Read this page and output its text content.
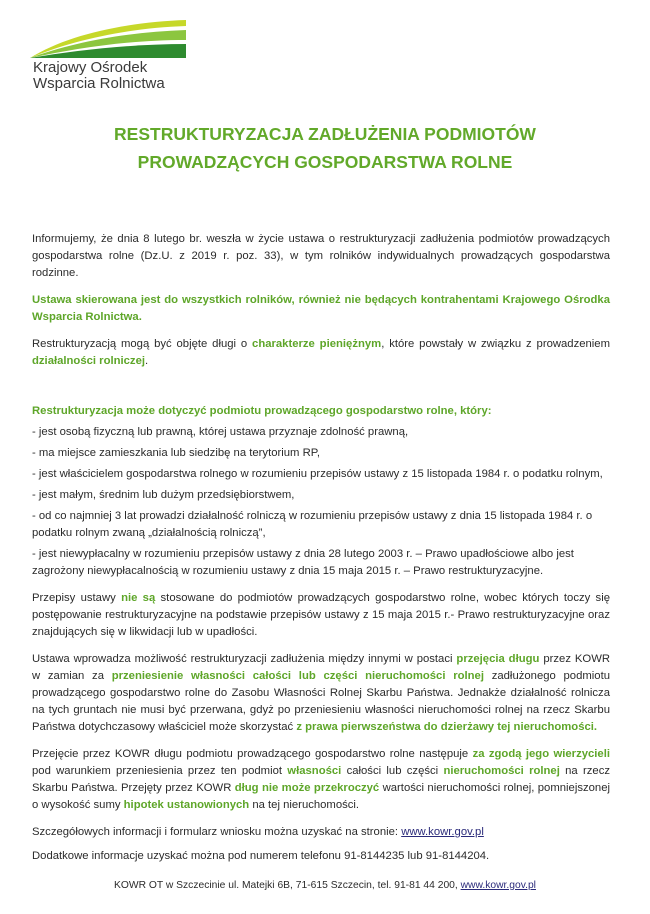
Krajowy Ośrodek
Wsparcia Rolnictwa
RESTRUKTURYZACJA ZADŁUŻENIA PODMIOTÓW
PROWADZĄCYCH GOSPODARSTWA ROLNE

Informujemy, że dnia 8 lutego br. weszła w życie ustawa o restrukturyzacji zadłużenia podmiotów prowadzących gospodarstwa rolne (Dz.U. z 2019 r. poz. 33), w tym rolników indywidualnych prowadzących gospodarstwa rodzinne.

Ustawa skierowana jest do wszystkich rolników, również nie będących kontrahentami Krajowego Ośrodka Wsparcia Rolnictwa.

Restrukturyzacją mogą być objęte długi o charakterze pieniężnym, które powstały w związku z prowadzeniem działalności rolniczej.

Restrukturyzacja może dotyczyć podmiotu prowadzącego gospodarstwo rolne, który:

- jest osobą fizyczną lub prawną, której ustawa przyznaje zdolność prawną,

- ma miejsce zamieszkania lub siedzibę na terytorium RP,

- jest właścicielem gospodarstwa rolnego w rozumieniu przepisów ustawy z 15 listopada 1984 r. o podatku rolnym,

- jest małym, średnim lub dużym przedsiębiorstwem,

- od co najmniej 3 lat prowadzi działalność rolniczą w rozumieniu przepisów ustawy z dnia 15 listopada 1984 r. o podatku rolnym zwaną „działalnością rolniczą”,

- jest niewypłacalny w rozumieniu przepisów ustawy z dnia 28 lutego 2003 r. – Prawo upadłościowe albo jest zagrożony niewypłacalnością w rozumieniu ustawy z dnia 15 maja 2015 r. – Prawo restrukturyzacyjne.

Przepisy ustawy nie są stosowane do podmiotów prowadzących gospodarstwo rolne, wobec których toczy się postępowanie restrukturyzacyjne na podstawie przepisów ustawy z 15 maja 2015 r.- Prawo restrukturyzacyjne oraz znajdujących się w likwidacji lub w upadłości.

Ustawa wprowadza możliwość restrukturyzacji zadłużenia między innymi w postaci przejęcia długu przez KOWR w zamian za przeniesienie własności całości lub części nieruchomości rolnej zadłużonego podmiotu prowadzącego gospodarstwo rolne do Zasobu Własności Rolnej Skarbu Państwa. Jednakże działalność rolnicza na tych gruntach nie musi być przerwana, gdyż po przeniesieniu własności nieruchomości rolnej na rzecz Skarbu Państwa dotychczasowy właściciel może skorzystać z prawa pierwszeństwa do dzierżawy tej nieruchomości.

Przejęcie przez KOWR długu podmiotu prowadzącego gospodarstwo rolne następuje za zgodą jego wierzycieli pod warunkiem przeniesienia przez ten podmiot własności całości lub części nieruchomości rolnej na rzecz Skarbu Państwa. Przejęty przez KOWR dług nie może przekroczyć wartości nieruchomości rolnej, pomniejszonej o wysokość sumy hipotek ustanowionych na tej nieruchomości.

Szczegółowych informacji i formularz wniosku można uzyskać na stronie: www.kowr.gov.pl
Dodatkowe informacje uzyskać można pod numerem telefonu 91-8144235 lub 91-8144204.
KOWR OT w Szczecinie ul. Matejki 6B, 71-615 Szczecin, tel. 91-81 44 200, www.kowr.gov.pl
